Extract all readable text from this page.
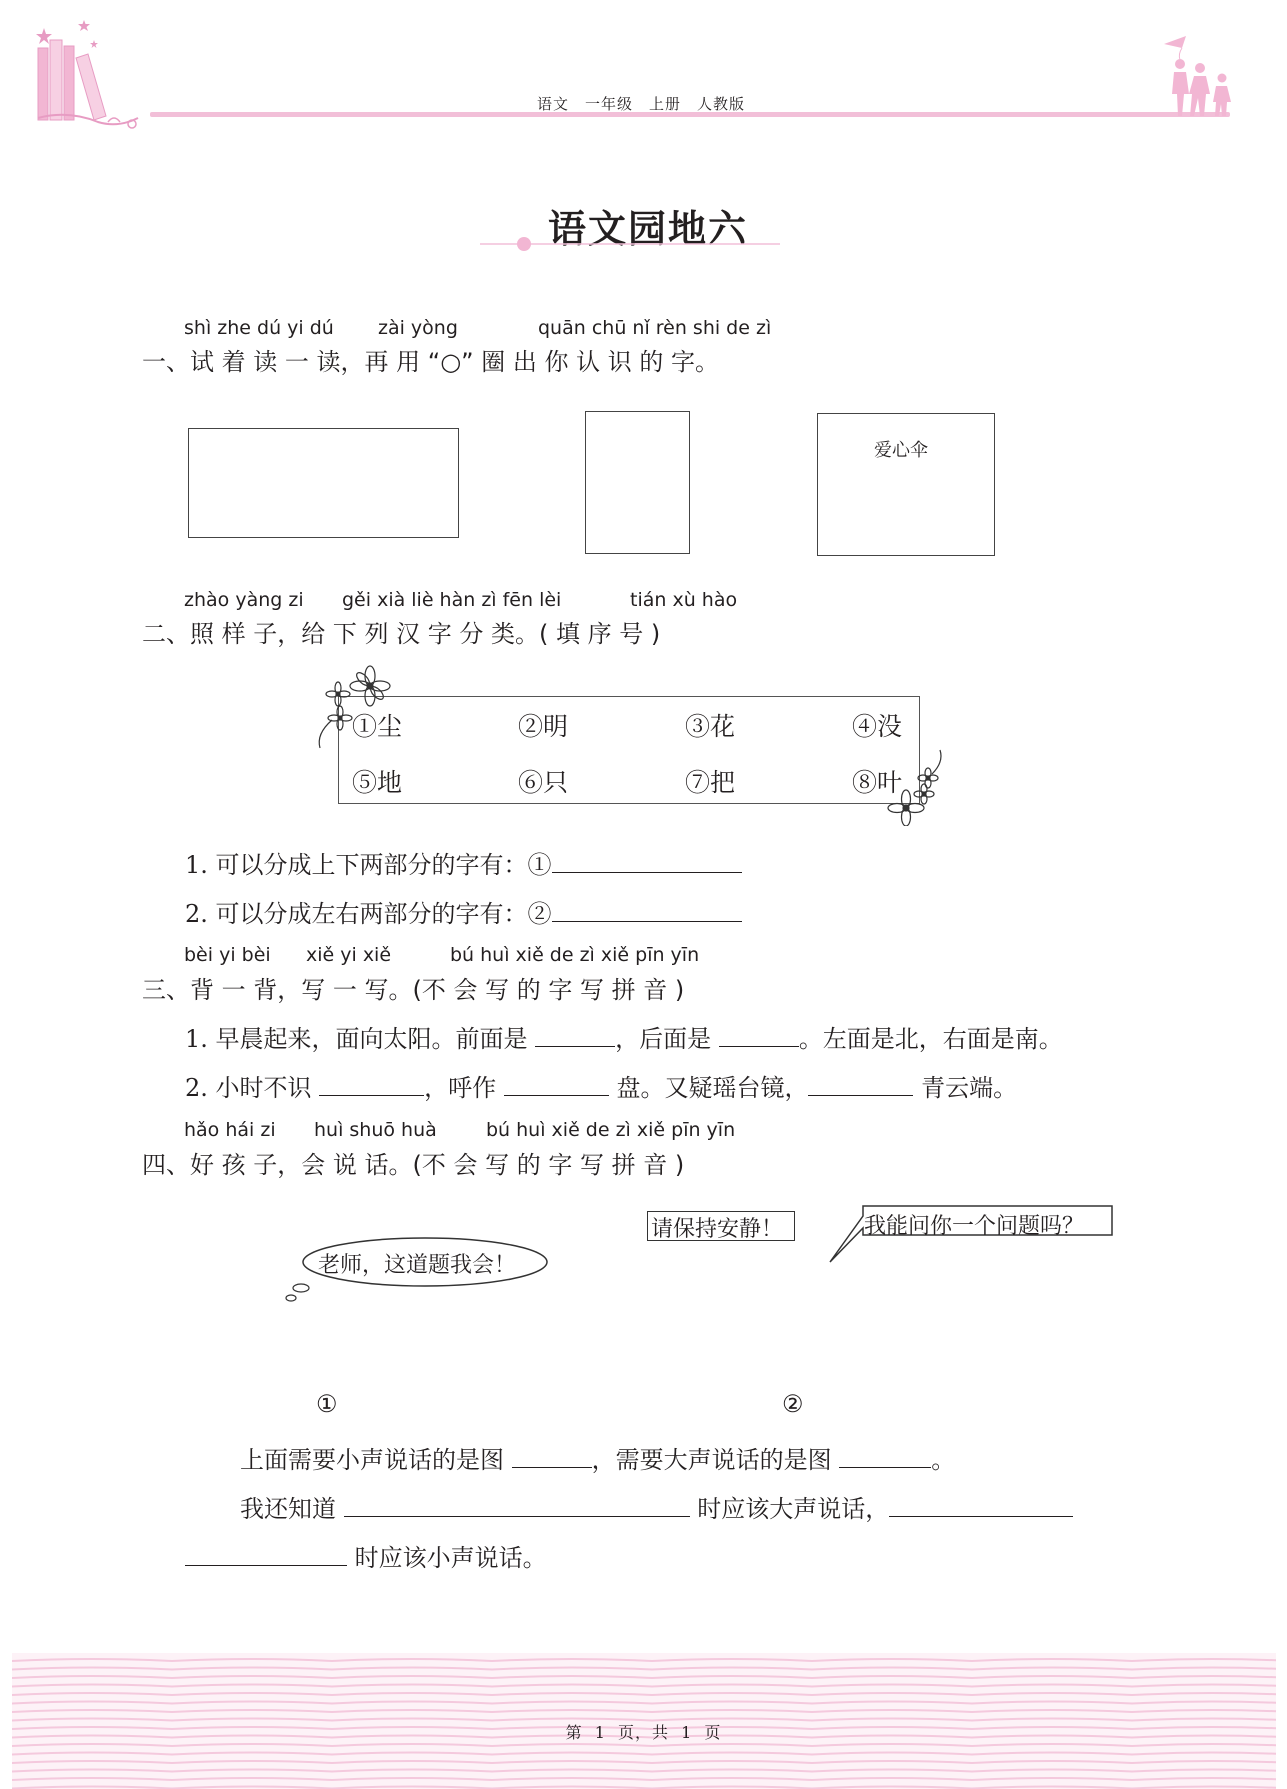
语文　一年级　上册　人教版
语文园地六
shì zhe dú yi dú zài yòng	quān chū nǐ rèn shi de zì
一、试 着 读 一 读，再 用 “○” 圈 出 你 认 识 的 字。
爱心伞
zhào yàng zi gěi xià liè hàn zì fēn lèi	tián xù hào
二、照 样 子，给 下 列 汉 字 分 类。( 填 序 号 )
①尘	②明	③花	④没
⑤地	⑥只	⑦把	⑧叶
1. 可以分成上下两部分的字有：①
2. 可以分成左右两部分的字有：②
bèi yi bèi xiě yi xiě	bú huì xiě de zì xiě pīn yīn
三、背 一 背，写 一 写。(不 会 写 的 字 写 拼 音 )
1. 早晨起来，面向太阳。前面是	，后面是	。左面是北，右面是南。
2. 小时不识	，呼作	盘。又疑瑶台镜，	青云端。
hǎo hái zi huì shuō huà	bú huì xiě de zì xiě pīn yīn
四、好 孩 子，会 说 话。(不 会 写 的 字 写 拼 音 )
老师，这道题我会！
请保持安静！	我能问你一个问题吗？
①	②
上面需要小声说话的是图	，需要大声说话的是图	。
我还知道	时应该大声说话，
时应该小声说话。
第 1 页，共 1 页
